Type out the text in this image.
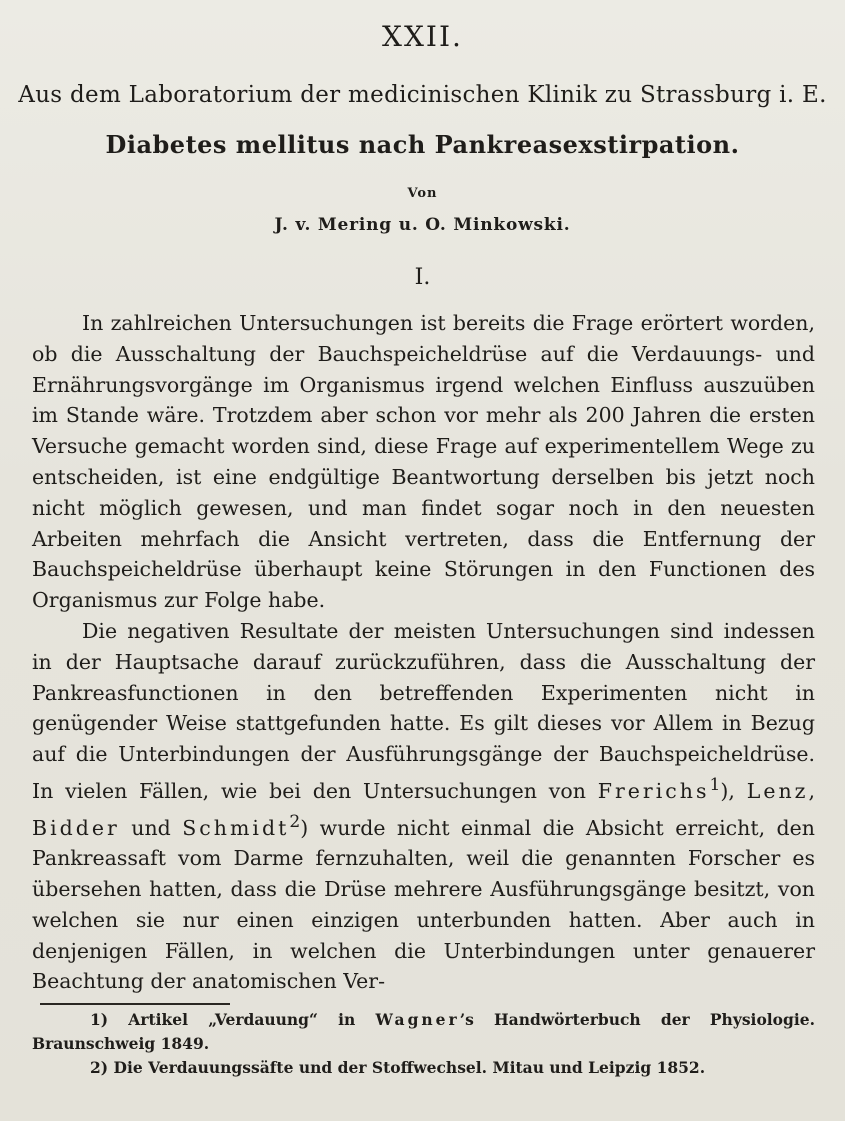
XXII.
Aus dem Laboratorium der medicinischen Klinik zu Strassburg i. E.
Diabetes mellitus nach Pankreasexstirpation.
Von
J. v. Mering u. O. Minkowski.
I.

In zahlreichen Untersuchungen ist bereits die Frage erörtert worden, ob die Ausschaltung der Bauchspeicheldrüse auf die Verdauungs- und Ernährungsvorgänge im Organismus irgend welchen Einfluss auszuüben im Stande wäre. Trotzdem aber schon vor mehr als 200 Jahren die ersten Versuche gemacht worden sind, diese Frage auf experimentellem Wege zu entscheiden, ist eine endgültige Beantwortung derselben bis jetzt noch nicht möglich gewesen, und man findet sogar noch in den neuesten Arbeiten mehrfach die Ansicht vertreten, dass die Entfernung der Bauchspeicheldrüse überhaupt keine Störungen in den Functionen des Organismus zur Folge habe.

Die negativen Resultate der meisten Untersuchungen sind indessen in der Hauptsache darauf zurückzuführen, dass die Ausschaltung der Pankreasfunctionen in den betreffenden Experimenten nicht in genügender Weise stattgefunden hatte. Es gilt dieses vor Allem in Bezug auf die Unterbindungen der Ausführungsgänge der Bauchspeicheldrüse. In vielen Fällen, wie bei den Untersuchungen von Frerichs$^1$), Lenz, Bidder und Schmidt$^2$) wurde nicht einmal die Absicht erreicht, den Pankreassaft vom Darme fernzuhalten, weil die genannten Forscher es übersehen hatten, dass die Drüse mehrere Ausführungsgänge besitzt, von welchen sie nur einen einzigen unterbunden hatten. Aber auch in denjenigen Fällen, in welchen die Unterbindungen unter genauerer Beachtung der anatomischen Ver-

1) Artikel „Verdauung“ in Wagner’s Handwörterbuch der Physiologie. Braunschweig 1849.

2) Die Verdauungssäfte und der Stoffwechsel. Mitau und Leipzig 1852.
